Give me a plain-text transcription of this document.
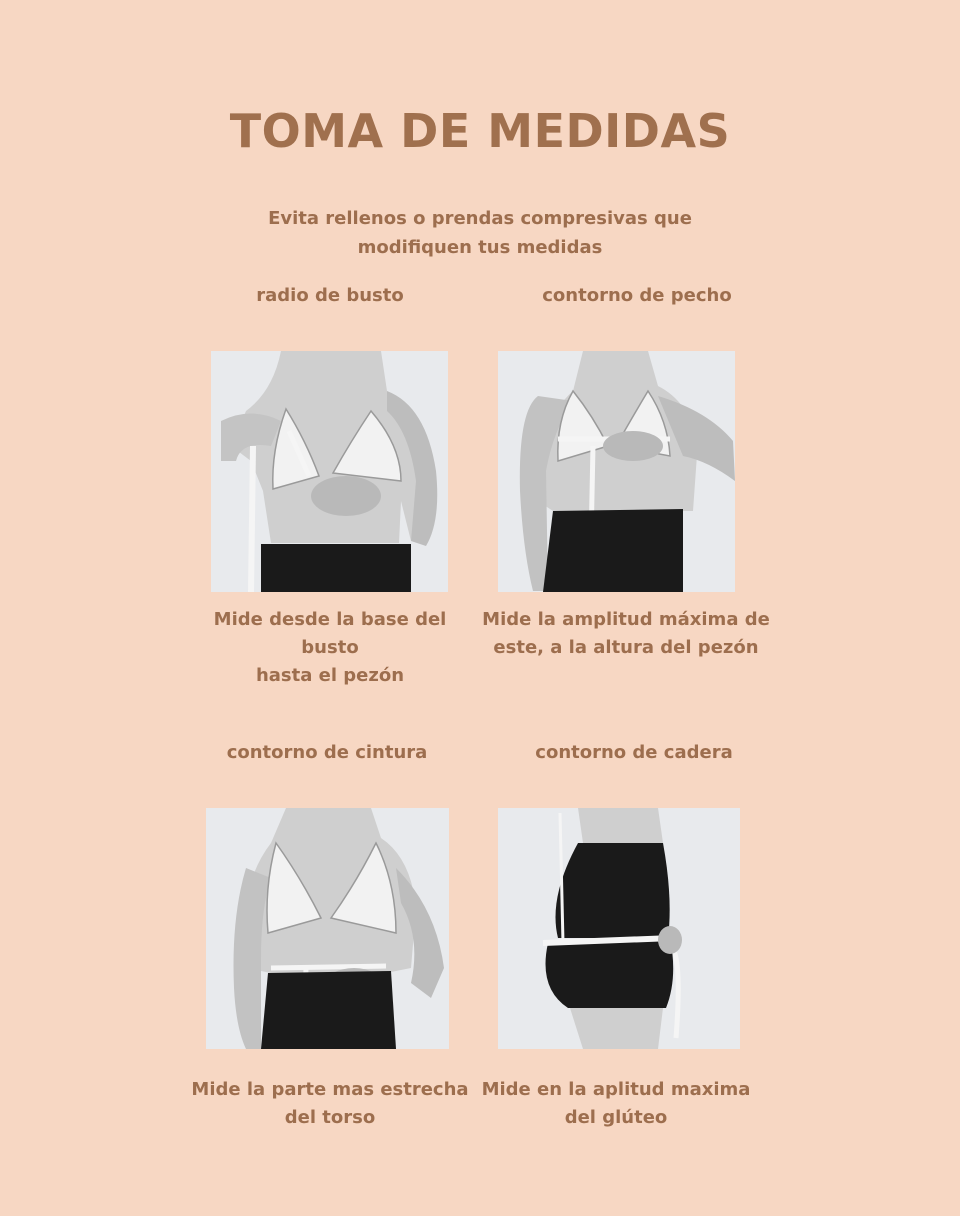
TOMA DE MEDIDAS
Evita rellenos o prendas compresivas que
modifiquen tus medidas
radio de busto
Mide desde la base del busto
hasta el pezón
contorno de pecho
Mide la amplitud máxima de
este, a la altura del pezón
contorno de cintura
Mide la parte mas estrecha
del torso
contorno de cadera
Mide en la aplitud maxima
del glúteo
